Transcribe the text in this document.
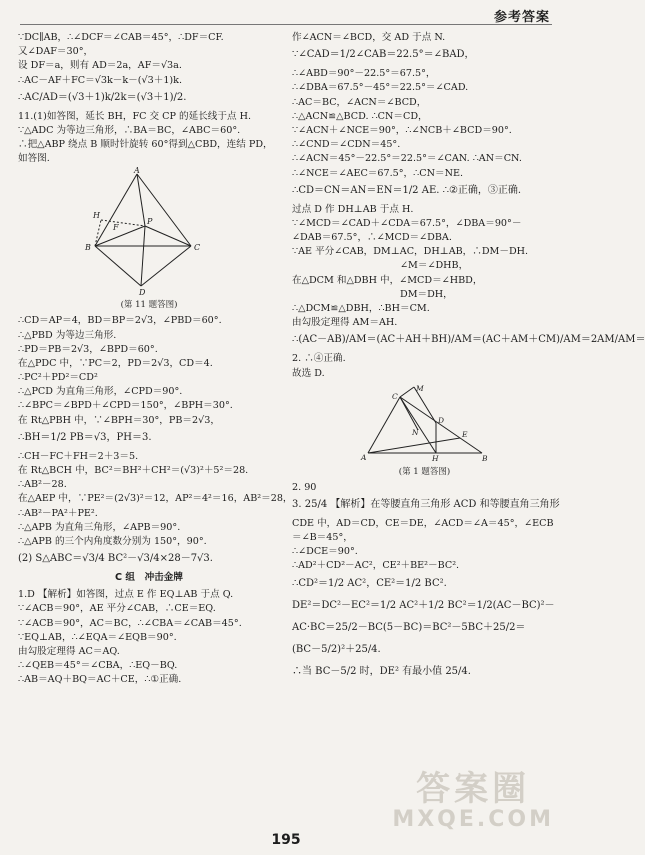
参考答案
∵DC∥AB，∴∠DCF＝∠CAB＝45°，∴DF＝CF.
又∠DAF＝30°，
设 DF＝a，则有 AD＝2a，AF＝√3a.
∴AC－AF＋FC＝√3k－k－(√3＋1)k.
∴AC/AD＝(√3＋1)k/2k＝(√3＋1)/2.
11.(1)如答图，延长 BH，FC 交 CP 的延长线于点 H.
∵△ADC 为等边三角形，∴BA＝BC，∠ABC＝60°.
∴把△ABP 绕点 B 顺时针旋转 60°得到△CBD，连结 PD，
如答图.
A
B	C
D
P
H
F
(第 11 题答图)
∴CD＝AP＝4，BD＝BP＝2√3，∠PBD＝60°.
∴△PBD 为等边三角形.
∴PD＝PB＝2√3，∠BPD＝60°.
在△PDC 中，∵PC＝2，PD＝2√3，CD＝4.
∴PC²＋PD²＝CD²
∴△PCD 为直角三角形，∠CPD＝90°.
∴∠BPC＝∠BPD＋∠CPD＝150°，∠BPH＝30°.
在 Rt△PBH 中，∵∠BPH＝30°，PB＝2√3，
∴BH＝1/2 PB＝√3，PH＝3.
∴CH－FC＋FH＝2＋3＝5.
在 Rt△BCH 中，BC²＝BH²＋CH²＝(√3)²＋5²＝28.
∴AB²－28.
在△AEP 中，∵PE²＝(2√3)²＝12，AP²＝4²＝16，AB²＝28，
∴AB²－PA²＋PE².
∴△APB 为直角三角形，∠APB＝90°.
∴△APB 的三个内角度数分别为 150°，90°.
(2) S△ABC＝√3/4 BC²－√3/4×28－7√3.
C 组　冲击金牌
1.D 【解析】如答图，过点 E 作 EQ⊥AB 于点 Q.
∵∠ACB＝90°，AE 平分∠CAB，∴CE＝EQ.
∵∠ACB＝90°，AC＝BC，∴∠CBA＝∠CAB＝45°.
∵EQ⊥AB，∴∠EQA＝∠EQB＝90°.
由勾股定理得 AC＝AQ.
∴∠QEB＝45°＝∠CBA，∴EQ－BQ.
∴AB＝AQ＋BQ＝AC＋CE，∴①正确.
作∠ACN＝∠BCD，交 AD 于点 N.
∵∠CAD＝1/2∠CAB＝22.5°＝∠BAD，
∴∠ABD＝90°－22.5°＝67.5°，
∴∠DBA＝67.5°－45°＝22.5°＝∠CAD.
∴AC＝BC，∠ACN＝∠BCD，
∴△ACN≌△BCD. ∴CN＝CD，
∵∠ACN＋∠NCE＝90°，∴∠NCB＋∠BCD＝90°.
∴∠CND＝∠CDN＝45°.
∴∠ACN＝45°－22.5°＝22.5°＝∠CAN. ∴AN＝CN.
∴∠NCE＝∠AEC＝67.5°，∴CN＝NE.
∴CD＝CN＝AN＝EN＝1/2 AE. ∴②正确，③正确.
过点 D 作 DH⊥AB 于点 H.
∵∠MCD＝∠CAD＋∠CDA＝67.5°，∠DBA＝90°－
∠DAB＝67.5°，∴∠MCD＝∠DBA.
∵AE 平分∠CAB，DM⊥AC，DH⊥AB，∴DM－DH.
∠M＝∠DHB，
在△DCM 和△DBH 中，∠MCD＝∠HBD，
DM＝DH，
∴△DCM≌△DBH，∴BH＝CM.
由勾股定理得 AM＝AH.
∴(AC－AB)/AM＝(AC＋AH＋BH)/AM＝(AC＋AM＋CM)/AM＝2AM/AM＝
2. ∴④正确.
故选 D.
M
A	B
C
D
E
N
H
(第 1 题答图)
2. 90
3. 25/4 【解析】在等腰直角三角形 ACD 和等腰直角三角形
CDE 中，AD＝CD，CE＝DE，∠ACD＝∠A＝45°，∠ECB
＝∠B＝45°，
∴∠DCE＝90°.
∴AD²＋CD²－AC²，CE²＋BE²－BC².
∴CD²＝1/2 AC²，CE²＝1/2 BC².
DE²＝DC²－EC²＝1/2 AC²＋1/2 BC²＝1/2(AC－BC)²－
AC·BC＝25/2－BC(5－BC)＝BC²－5BC＋25/2＝
(BC－5/2)²＋25/4.
∴当 BC－5/2 时，DE² 有最小值 25/4.
答案圈
MXQE.COM
195
